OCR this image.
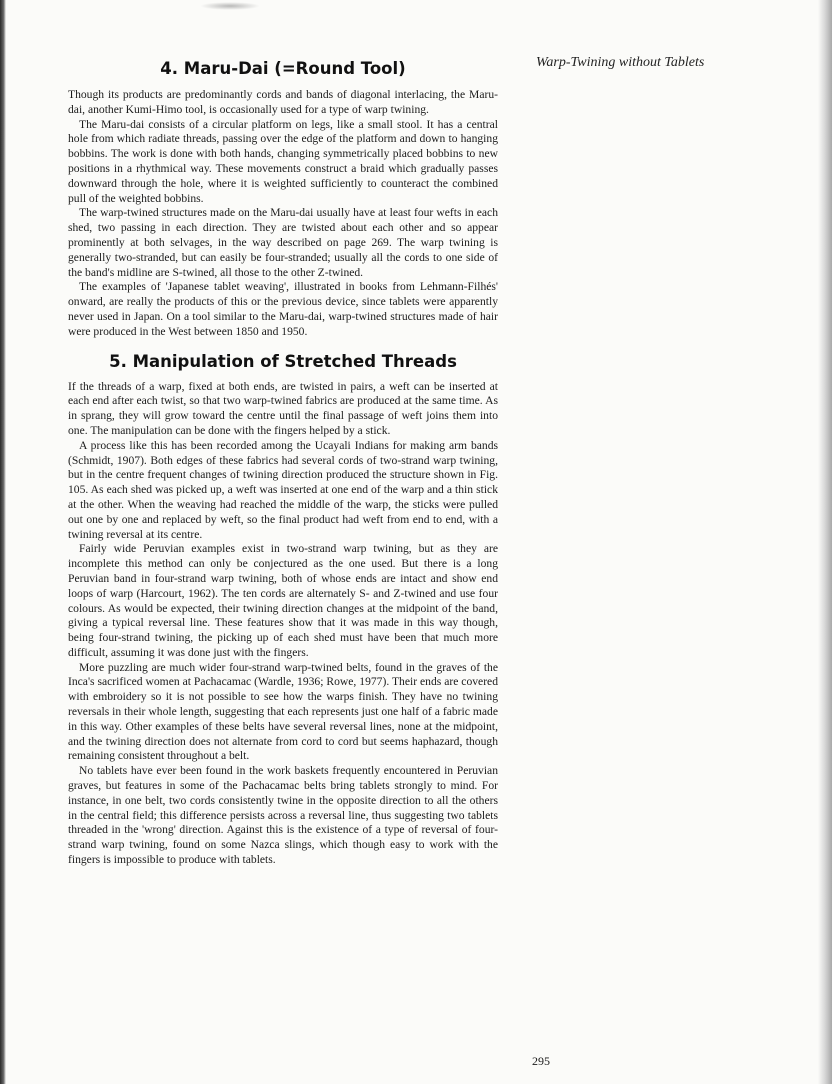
Warp-Twining without Tablets

4. Maru-Dai (=Round Tool)

Though its products are predominantly cords and bands of diagonal interlacing, the Maru-dai, another Kumi-Himo tool, is occasionally used for a type of warp twining.

The Maru-dai consists of a circular platform on legs, like a small stool. It has a central hole from which radiate threads, passing over the edge of the platform and down to hanging bobbins. The work is done with both hands, changing symmetrically placed bobbins to new positions in a rhythmical way. These movements construct a braid which gradually passes downward through the hole, where it is weighted sufficiently to counteract the combined pull of the weighted bobbins.

The warp-twined structures made on the Maru-dai usually have at least four wefts in each shed, two passing in each direction. They are twisted about each other and so appear prominently at both selvages, in the way described on page 269. The warp twining is generally two-stranded, but can easily be four-stranded; usually all the cords to one side of the band's midline are S-twined, all those to the other Z-twined.

The examples of 'Japanese tablet weaving', illustrated in books from Lehmann-Filhés' onward, are really the products of this or the previous device, since tablets were apparently never used in Japan. On a tool similar to the Maru-dai, warp-twined structures made of hair were produced in the West between 1850 and 1950.

5. Manipulation of Stretched Threads

If the threads of a warp, fixed at both ends, are twisted in pairs, a weft can be inserted at each end after each twist, so that two warp-twined fabrics are produced at the same time. As in sprang, they will grow toward the centre until the final passage of weft joins them into one. The manipulation can be done with the fingers helped by a stick.

A process like this has been recorded among the Ucayali Indians for making arm bands (Schmidt, 1907). Both edges of these fabrics had several cords of two-strand warp twining, but in the centre frequent changes of twining direction produced the structure shown in Fig. 105. As each shed was picked up, a weft was inserted at one end of the warp and a thin stick at the other. When the weaving had reached the middle of the warp, the sticks were pulled out one by one and replaced by weft, so the final product had weft from end to end, with a twining reversal at its centre.

Fairly wide Peruvian examples exist in two-strand warp twining, but as they are incomplete this method can only be conjectured as the one used. But there is a long Peruvian band in four-strand warp twining, both of whose ends are intact and show end loops of warp (Harcourt, 1962). The ten cords are alternately S- and Z-twined and use four colours. As would be expected, their twining direction changes at the midpoint of the band, giving a typical reversal line. These features show that it was made in this way though, being four-strand twining, the picking up of each shed must have been that much more difficult, assuming it was done just with the fingers.

More puzzling are much wider four-strand warp-twined belts, found in the graves of the Inca's sacrificed women at Pachacamac (Wardle, 1936; Rowe, 1977). Their ends are covered with embroidery so it is not possible to see how the warps finish. They have no twining reversals in their whole length, suggesting that each represents just one half of a fabric made in this way. Other examples of these belts have several reversal lines, none at the midpoint, and the twining direction does not alternate from cord to cord but seems haphazard, though remaining consistent throughout a belt.

No tablets have ever been found in the work baskets frequently encountered in Peruvian graves, but features in some of the Pachacamac belts bring tablets strongly to mind. For instance, in one belt, two cords consistently twine in the opposite direction to all the others in the central field; this difference persists across a reversal line, thus suggesting two tablets threaded in the 'wrong' direction. Against this is the existence of a type of reversal of four-strand warp twining, found on some Nazca slings, which though easy to work with the fingers is impossible to produce with tablets.

295
